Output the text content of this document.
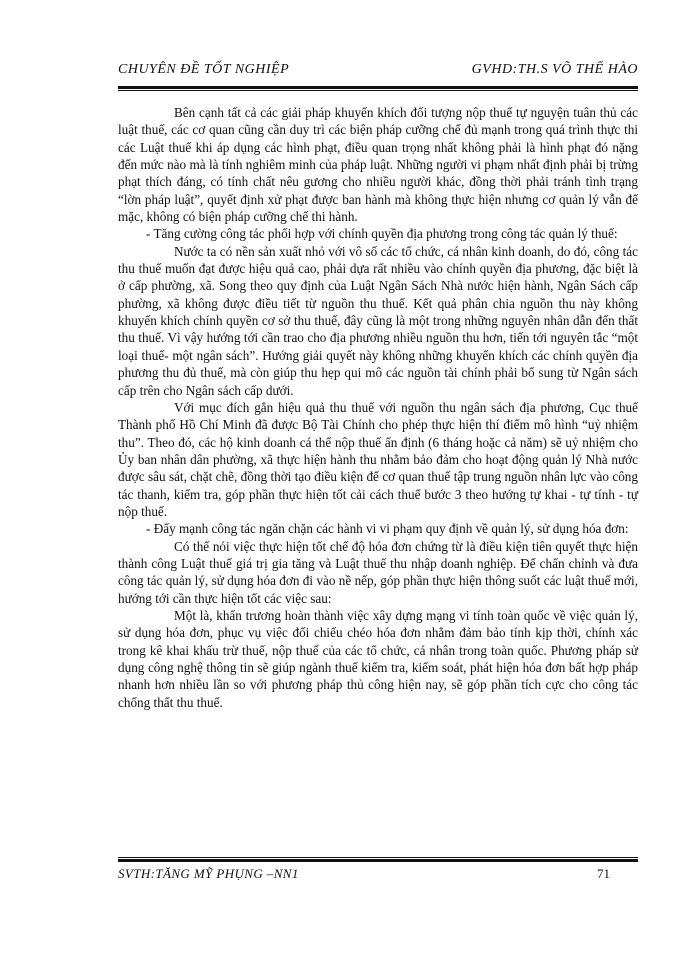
CHUYÊN ĐỀ TỐT NGHIỆP	GVHD:TH.S VÕ THẾ HÀO

Bên cạnh tất cả các giải pháp khuyến khích đối tượng nộp thuế tự nguyện tuân thủ các luật thuế, các cơ quan cũng cần duy trì các biện pháp cưỡng chế đủ mạnh trong quá trình thực thi các Luật thuế khi áp dụng các hình phạt, điều quan trọng nhất không phải là hình phạt đó nặng đến mức nào mà là tính nghiêm minh của pháp luật. Những người vi phạm nhất định phải bị trừng phạt thích đáng, có tính chất nêu gương cho nhiều người khác, đồng thời phải tránh tình trạng “lờn pháp luật”, quyết định xử phạt được ban hành mà không thực hiện nhưng cơ quản lý vẫn để mặc, không có biện pháp cưỡng chế thi hành.

- Tăng cường công tác phối hợp với chính quyền địa phương trong công tác quản lý thuế:

Nước ta có nền sản xuất nhỏ với vô số các tổ chức, cá nhân kinh doanh, do đó, công tác thu thuế muốn đạt được hiệu quả cao, phải dựa rất nhiều vào chính quyền địa phương, đặc biệt là ở cấp phường, xã. Song theo quy định của Luật Ngân Sách Nhà nước hiện hành, Ngân Sách cấp phường, xã không được điều tiết từ nguồn thu thuế. Kết quả phân chia nguồn thu này không khuyến khích chính quyền cơ sở thu thuế, đây cũng là một trong những nguyên nhân dẫn đến thất thu thuế. Vì vậy hướng tới cần trao cho địa phương nhiều nguồn thu hơn, tiến tới nguyên tắc “một loại thuế- một ngân sách”. Hướng giải quyết này không những khuyến khích các chính quyền địa phương thu đủ thuế, mà còn giúp thu hẹp qui mô các nguồn tài chính phải bổ sung từ Ngân sách cấp trên cho Ngân sách cấp dưới.

Với mục đích gắn hiệu quả thu thuế với nguồn thu ngân sách địa phương, Cục thuế Thành phố Hồ Chí Minh đã được Bộ Tài Chính cho phép thực hiện thí điểm mô hình “uỷ nhiệm thu”. Theo đó, các hộ kinh doanh cá thể nộp thuế ấn định (6 tháng hoặc cả năm) sẽ uỷ nhiệm cho Ủy ban nhân dân phường, xã thực hiện hành thu nhằm bảo đảm cho hoạt động quản lý Nhà nước được sâu sát, chặt chẽ, đồng thời tạo điều kiện để cơ quan thuế tập trung nguồn nhân lực vào công tác thanh, kiểm tra, góp phần thực hiện tốt cải cách thuế bước 3 theo hướng tự khai - tự tính - tự nộp thuế.

- Đẩy mạnh công tác ngăn chặn các hành vi vi phạm quy định về quản lý, sử dụng hóa đơn:

Có thể nói việc thực hiện tốt chế độ hóa đơn chứng từ là điều kiện tiên quyết thực hiện thành công Luật thuế giá trị gia tăng và Luật thuế thu nhập doanh nghiệp. Để chấn chỉnh và đưa công tác quản lý, sử dụng hóa đơn đi vào nề nếp, góp phần thực hiện thông suốt các luật thuế mới, hướng tới cần thực hiện tốt các việc sau:

Một là, khẩn trương hoàn thành việc xây dựng mạng vi tính toàn quốc về việc quản lý, sử dụng hóa đơn, phục vụ việc đối chiếu chéo hóa đơn nhằm đảm bảo tính kịp thời, chính xác trong kê khai khấu trừ thuế, nộp thuế của các tổ chức, cá nhân trong toàn quốc. Phương pháp sử dụng công nghệ thông tin sẽ giúp ngành thuế kiểm tra, kiểm soát, phát hiện hóa đơn bất hợp pháp nhanh hơn nhiều lần so với phương pháp thủ công hiện nay, sẽ góp phần tích cực cho công tác chống thất thu thuế.

SVTH:TĂNG MỸ PHỤNG –NN1	71
